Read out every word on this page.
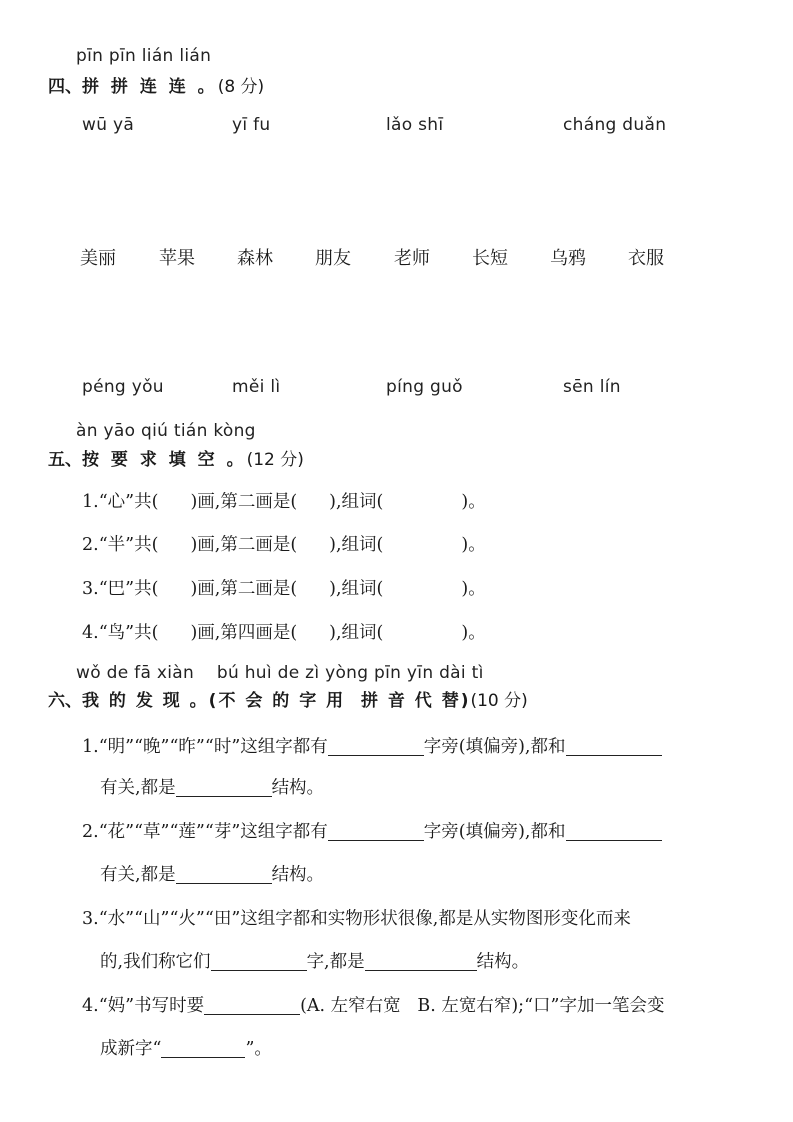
pīn pīn lián lián
四、拼 拼 连 连 。(8 分)
wū yā	yī fu	lǎo shī	cháng duǎn
美丽 苹果 森林 朋友 老师 长短 乌鸦 衣服
péng yǒu	měi lì	píng guǒ	sēn lín
àn yāo qiú tián kòng
五、按 要 求 填 空 。(12 分)
1.“心”共( )画,第二画是( ),组词(	)。
2.“半”共( )画,第二画是( ),组词(	)。
3.“巴”共( )画,第二画是( ),组词(	)。
4.“鸟”共( )画,第四画是( ),组词(	)。
wǒ de fā xiàn    bú huì de zì yòng pīn yīn dài tì
六、我 的 发 现 。(不 会 的 字 用  拼 音 代 替)(10 分)
1.“明”“晚”“昨”“时”这组字都有	字旁(填偏旁),都和
有关,都是	结构。
2.“花”“草”“莲”“芽”这组字都有	字旁(填偏旁),都和
有关,都是	结构。
3.“水”“山”“火”“田”这组字都和实物形状很像,都是从实物图形变化而来
的,我们称它们	字,都是	结构。
4.“妈”书写时要	(A. 左窄右宽   B. 左宽右窄);“口”字加一笔会变
成新字“	”。
